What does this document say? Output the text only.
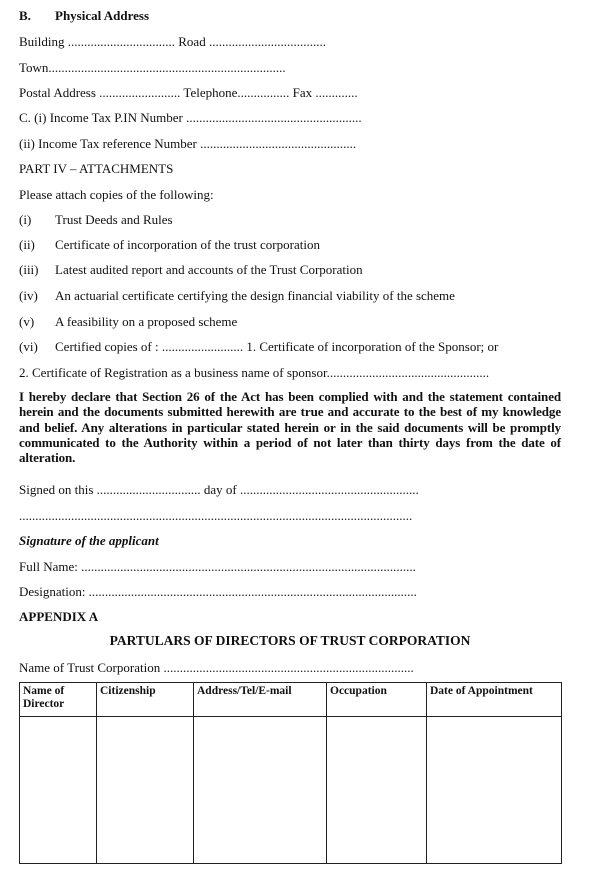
B. Physical Address
Building ................................. Road ....................................
Town.........................................................................
Postal Address ......................... Telephone................ Fax .............
C. (i) Income Tax P.IN Number ......................................................
(ii) Income Tax reference Number ................................................
PART IV – ATTACHMENTS
Please attach copies of the following:
(i) Trust Deeds and Rules
(ii) Certificate of incorporation of the trust corporation
(iii) Latest audited report and accounts of the Trust Corporation
(iv) An actuarial certificate certifying the design financial viability of the scheme
(v) A feasibility on a proposed scheme
(vi) Certified copies of : ......................... 1. Certificate of incorporation of the Sponsor; or
2. Certificate of Registration as a business name of sponsor..................................................
I hereby declare that Section 26 of the Act has been complied with and the statement contained herein and the documents submitted herewith are true and accurate to the best of my knowledge and belief. Any alterations in particular stated herein or in the said documents will be promptly communicated to the Authority within a period of not later than thirty days from the date of alteration.
Signed on this ................................ day of .......................................................
.........................................................................................................................
Signature of the applicant
Full Name: .......................................................................................................
Designation: .....................................................................................................
APPENDIX A
PARTULARS OF DIRECTORS OF TRUST CORPORATION
Name of Trust Corporation .............................................................................
Name of Director	Citizenship	Address/Tel/E-mail	Occupation	Date of Appointment
